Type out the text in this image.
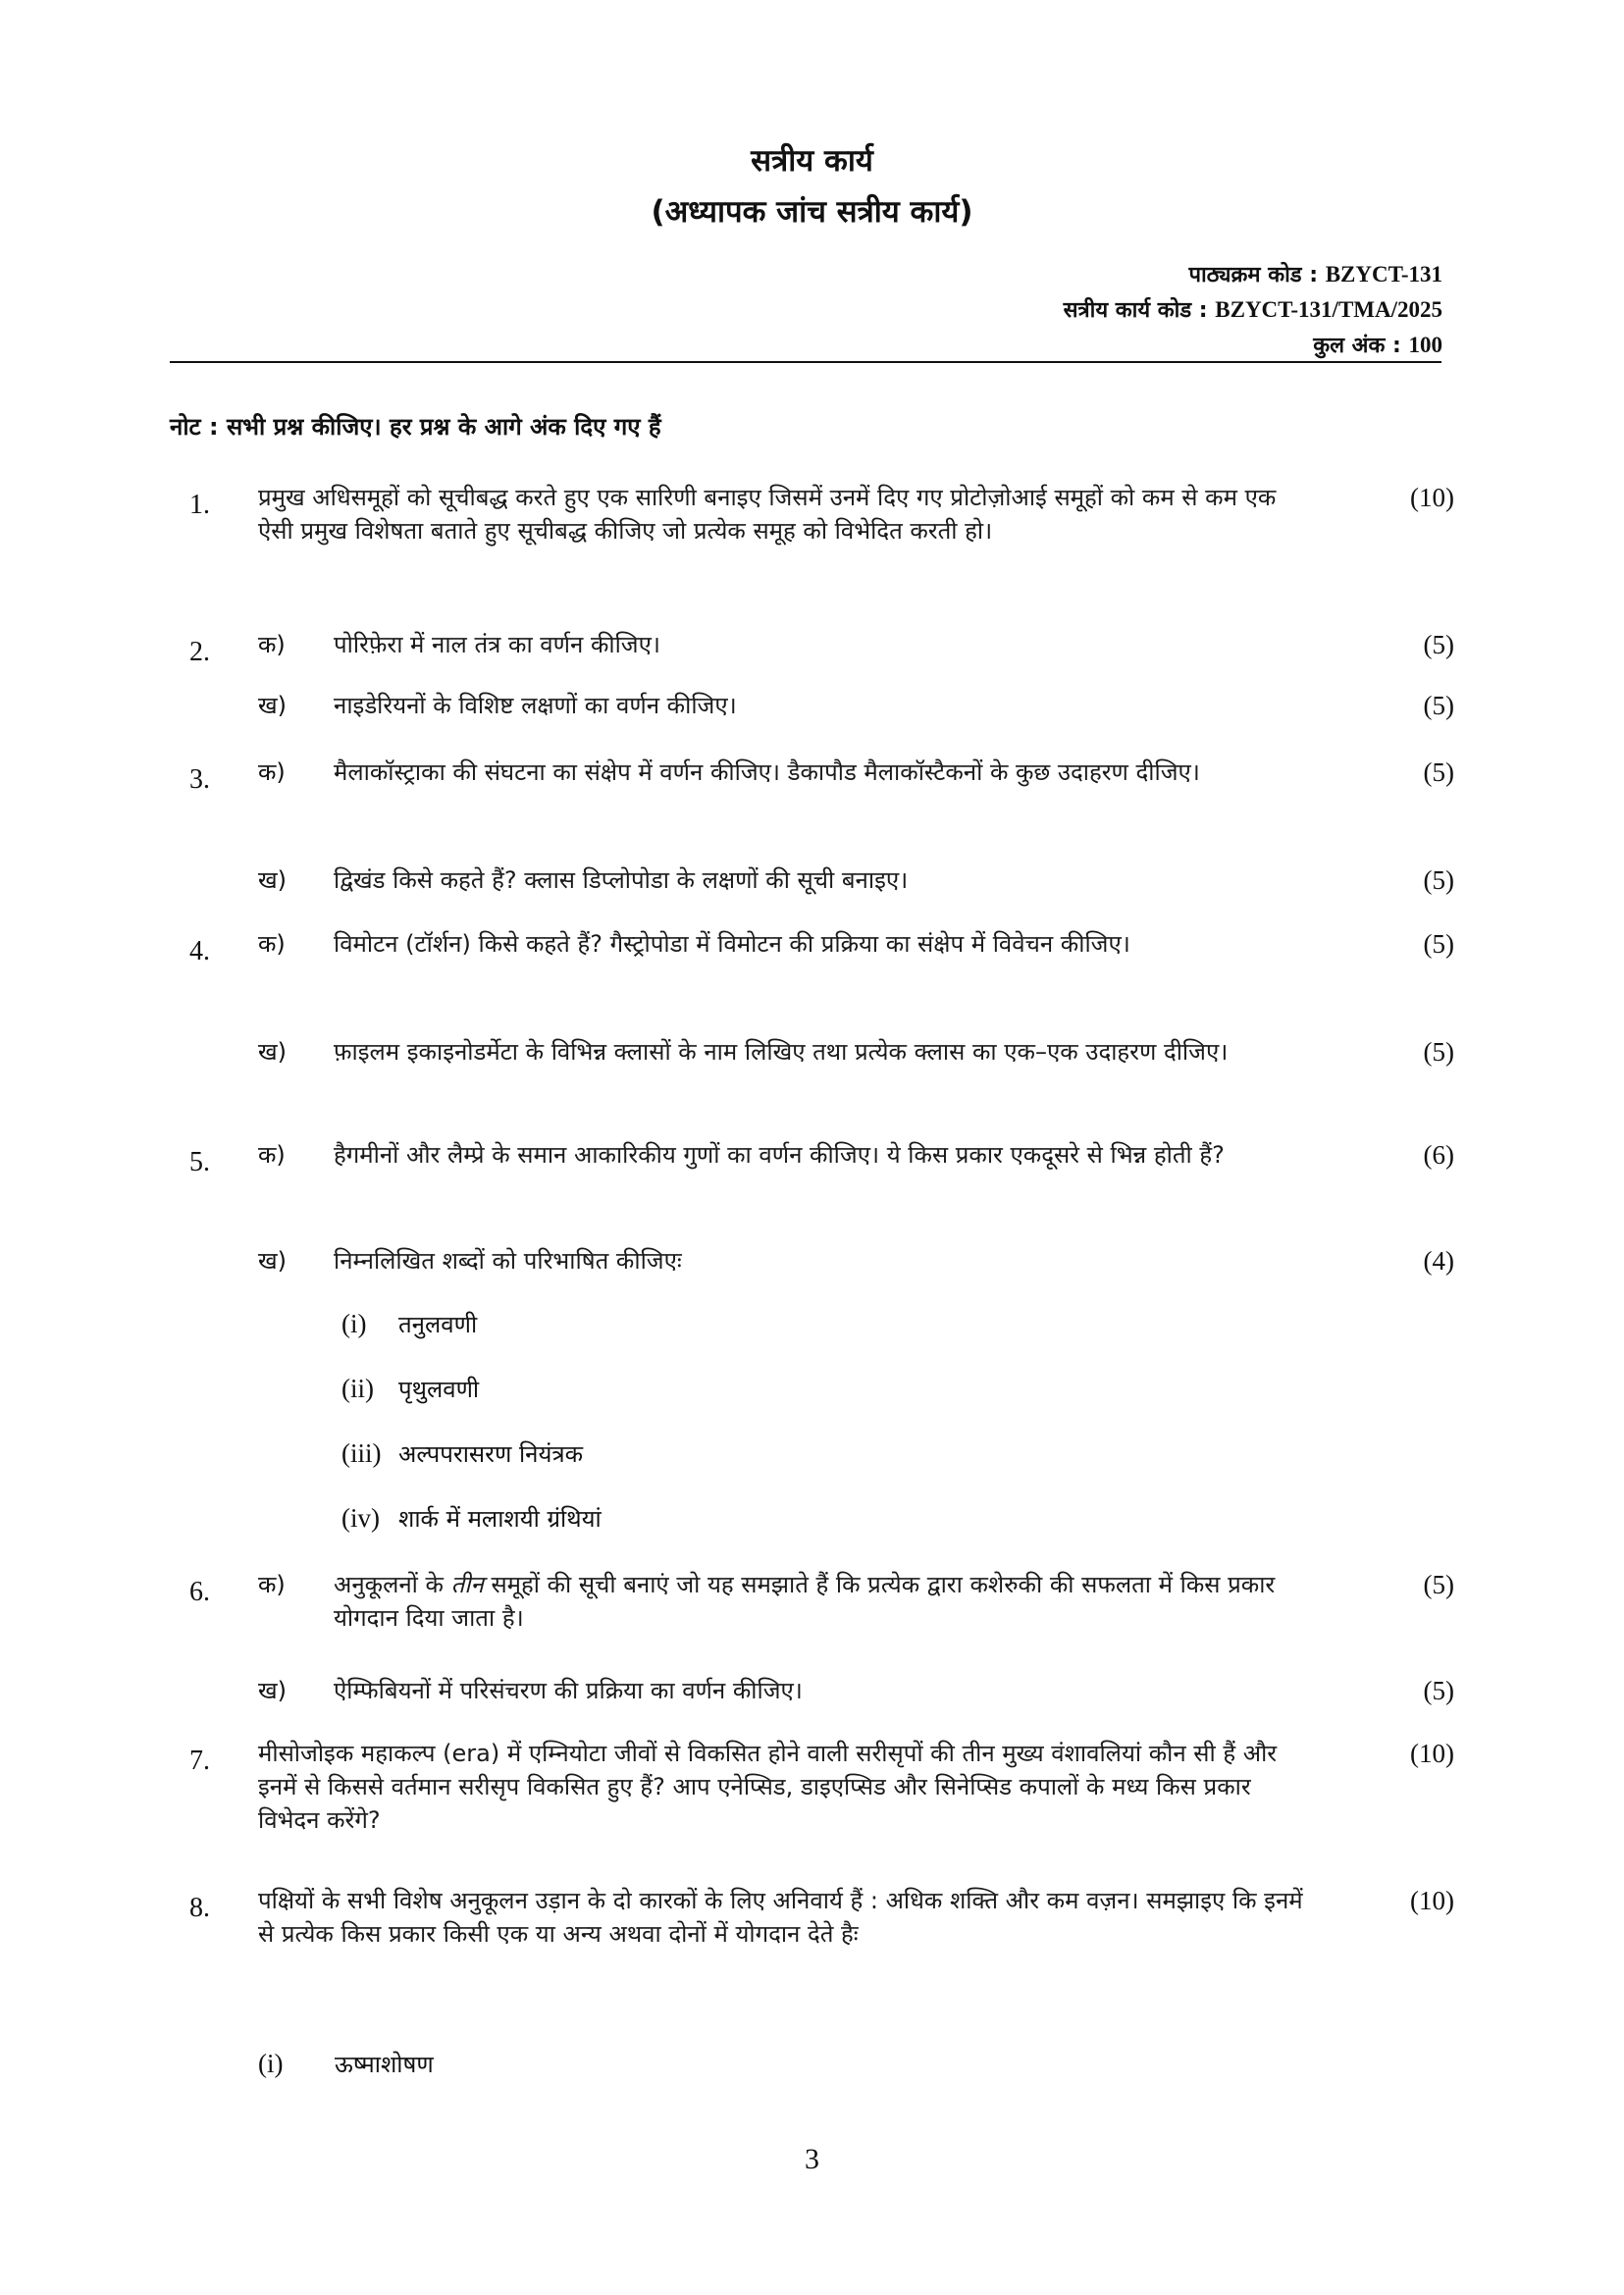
सत्रीय कार्य
(अध्यापक जांच सत्रीय कार्य)
पाठ्यक्रम कोड : BZYCT-131
सत्रीय कार्य कोड : BZYCT-131/TMA/2025
कुल अंक : 100
नोट : सभी प्रश्न कीजिए। हर प्रश्न के आगे अंक दिए गए हैं
1. प्रमुख अधिसमूहों को सूचीबद्ध करते हुए एक सारिणी बनाइए जिसमें उनमें दिए गए प्रोटोज़ोआई समूहों को कम से कम एक ऐसी प्रमुख विशेषता बताते हुए सूचीबद्ध कीजिए जो प्रत्येक समूह को विभेदित करती हो।
(10)
2. क) पोरिफ़ेरा में नाल तंत्र का वर्णन कीजिए।	(5)
ख) नाइडेरियनों के विशिष्ट लक्षणों का वर्णन कीजिए।	(5)
3. क) मैलाकॉस्ट्राका की संघटना का संक्षेप में वर्णन कीजिए। डैकापौड मैलाकॉस्टैकनों के कुछ उदाहरण दीजिए।	(5)
ख) द्विखंड किसे कहते हैं? क्लास डिप्लोपोडा के लक्षणों की सूची बनाइए।	(5)
4. क) विमोटन (टॉर्शन) किसे कहते हैं? गैस्ट्रोपोडा में विमोटन की प्रक्रिया का संक्षेप में विवेचन कीजिए।	(5)
ख) फ़ाइलम इकाइनोडर्मेटा के विभिन्न क्लासों के नाम लिखिए तथा प्रत्येक क्लास का एक–एक उदाहरण दीजिए।	(5)
5. क) हैगमीनों और लैम्प्रे के समान आकारिकीय गुणों का वर्णन कीजिए। ये किस प्रकार एकदूसरे से भिन्न होती हैं?	(6)
ख) निम्नलिखित शब्दों को परिभाषित कीजिएः	(4)
(i) तनुलवणी
(ii) पृथुलवणी
(iii) अल्पपरासरण नियंत्रक
(iv) शार्क में मलाशयी ग्रंथियां
6. क) अनुकूलनों के तीन समूहों की सूची बनाएं जो यह समझाते हैं कि प्रत्येक द्वारा कशेरुकी की सफलता में किस प्रकार योगदान दिया जाता है।
(5)
ख) ऐम्फिबियनों में परिसंचरण की प्रक्रिया का वर्णन कीजिए।	(5)
7. मीसोजोइक महाकल्प (era) में एम्नियोटा जीवों से विकसित होने वाली सरीसृपों की तीन मुख्य वंशावलियां कौन सी हैं और इनमें से किससे वर्तमान सरीसृप विकसित हुए हैं? आप एनेप्सिड, डाइएप्सिड और सिनेप्सिड कपालों के मध्य किस प्रकार विभेदन करेंगे?
(10)
8. पक्षियों के सभी विशेष अनुकूलन उड़ान के दो कारकों के लिए अनिवार्य हैं : अधिक शक्ति और कम वज़न। समझाइए कि इनमें से प्रत्येक किस प्रकार किसी एक या अन्य अथवा दोनों में योगदान देते हैः
(10)
(i) ऊष्माशोषण
3
